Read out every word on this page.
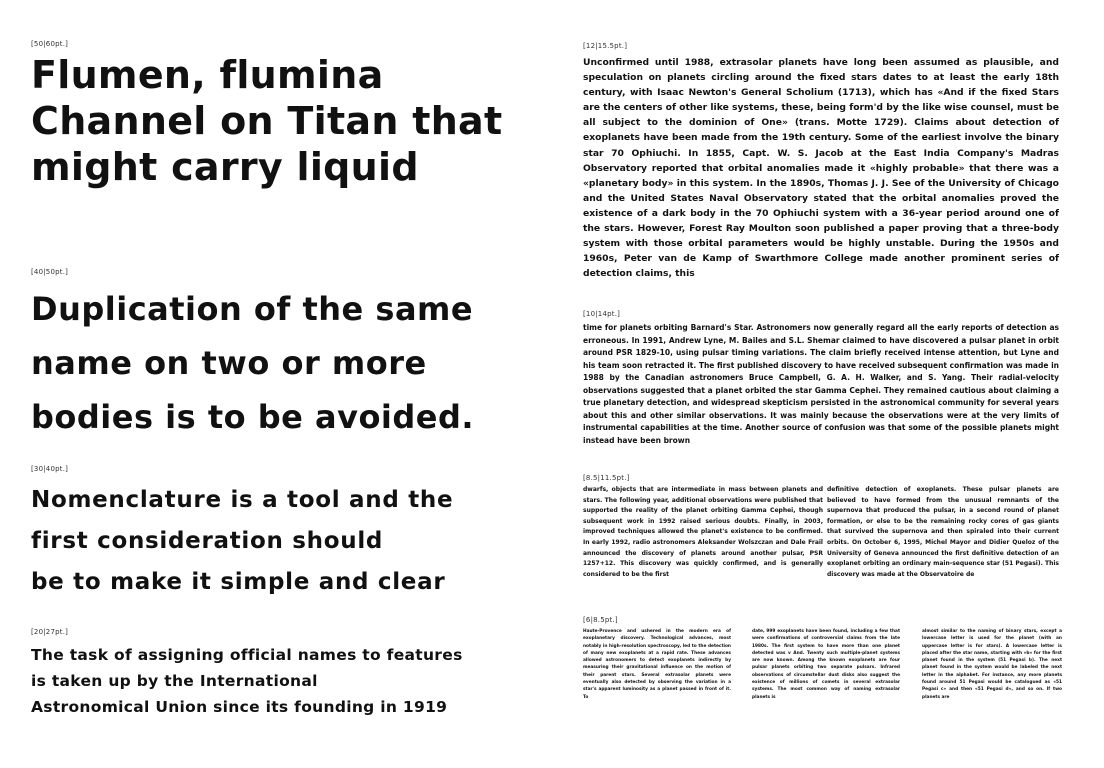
[50|60pt.]
Flumen, flumina
Channel on Titan that
might carry liquid
[40|50pt.]
Duplication of the same
name on two or more
bodies is to be avoided.
[30|40pt.]
Nomenclature is a tool and the
first consideration should
be to make it simple and clear
[20|27pt.]
The task of assigning official names to features
is taken up by the International
Astronomical Union since its founding in 1919
[12|15.5pt.]

Unconfirmed until 1988, extrasolar planets have long been assumed as plausible, and speculation on planets circling around the fixed stars dates to at least the early 18th century, with Isaac Newton's General Scholium (1713), which has «And if the fixed Stars are the centers of other like systems, these, being form'd by the like wise counsel, must be all subject to the dominion of One» (trans. Motte 1729). Claims about detection of exoplanets have been made from the 19th century. Some of the earliest involve the binary star 70 Ophiuchi. In 1855, Capt. W. S. Jacob at the East India Company's Madras Observatory reported that orbital anomalies made it «highly probable» that there was a «planetary body» in this system. In the 1890s, Thomas J. J. See of the University of Chicago and the United States Naval Observatory stated that the orbital anomalies proved the existence of a dark body in the 70 Ophiuchi system with a 36-year period around one of the stars. However, Forest Ray Moulton soon published a paper proving that a three-body system with those orbital parameters would be highly unstable. During the 1950s and 1960s, Peter van de Kamp of Swarthmore College made another prominent series of detection claims, this

[10|14pt.]

time for planets orbiting Barnard's Star. Astronomers now generally regard all the early reports of detection as erroneous. In 1991, Andrew Lyne, M. Bailes and S.L. Shemar claimed to have discovered a pulsar planet in orbit around PSR 1829-10, using pulsar timing variations. The claim briefly received intense attention, but Lyne and his team soon retracted it. The first published discovery to have received subsequent confirmation was made in 1988 by the Canadian astronomers Bruce Campbell, G. A. H. Walker, and S. Yang. Their radial-velocity observations suggested that a planet orbited the star Gamma Cephei. They remained cautious about claiming a true planetary detection, and widespread skepticism persisted in the astronomical community for several years about this and other similar observations. It was mainly because the observations were at the very limits of instrumental capabilities at the time. Another source of confusion was that some of the possible planets might instead have been brown

[8.5|11.5pt.]

dwarfs, objects that are intermediate in mass between planets and stars. The following year, additional observations were published that supported the reality of the planet orbiting Gamma Cephei, though subsequent work in 1992 raised serious doubts. Finally, in 2003, improved techniques allowed the planet's existence to be confirmed. In early 1992, radio astronomers Aleksander Wolszczan and Dale Frail announced the discovery of planets around another pulsar, PSR 1257+12. This discovery was quickly confirmed, and is generally considered to be the first

definitive detection of exoplanets. These pulsar planets are believed to have formed from the unusual remnants of the supernova that produced the pulsar, in a second round of planet formation, or else to be the remaining rocky cores of gas giants that survived the supernova and then spiraled into their current orbits. On October 6, 1995, Michel Mayor and Didier Queloz of the University of Geneva announced the first definitive detection of an exoplanet orbiting an ordinary main-sequence star (51 Pegasi). This discovery was made at the Observatoire de

[6|8.5pt.]

Haute-Provence and ushered in the modern era of exoplanetary discovery. Technological advances, most notably in high-resolution spectroscopy, led to the detection of many new exoplanets at a rapid rate. These advances allowed astronomers to detect exoplanets indirectly by measuring their gravitational influence on the motion of their parent stars. Several extrasolar planets were eventually also detected by observing the variation in a star's apparent luminosity as a planet passed in front of it. To

date, 999 exoplanets have been found, including a few that were confirmations of controversial claims from the late 1980s. The first system to have more than one planet detected was v And. Twenty such multiple-planet systems are now known. Among the known exoplanets are four pulsar planets orbiting two separate pulsars. Infrared observations of circumstellar dust disks also suggest the existence of millions of comets in several extrasolar systems. The most common way of naming extrasolar planets is

almost similar to the naming of binary stars, except a lowercase letter is used for the planet (with an uppercase letter is for stars). A lowercase letter is placed after the star name, starting with «b» for the first planet found in the system (51 Pegasi b). The next planet found in the system would be labeled the next letter in the alphabet. For instance, any more planets found around 51 Pegasi would be catalogued as «51 Pegasi c» and then «51 Pegasi d», and so on. If two planets are
